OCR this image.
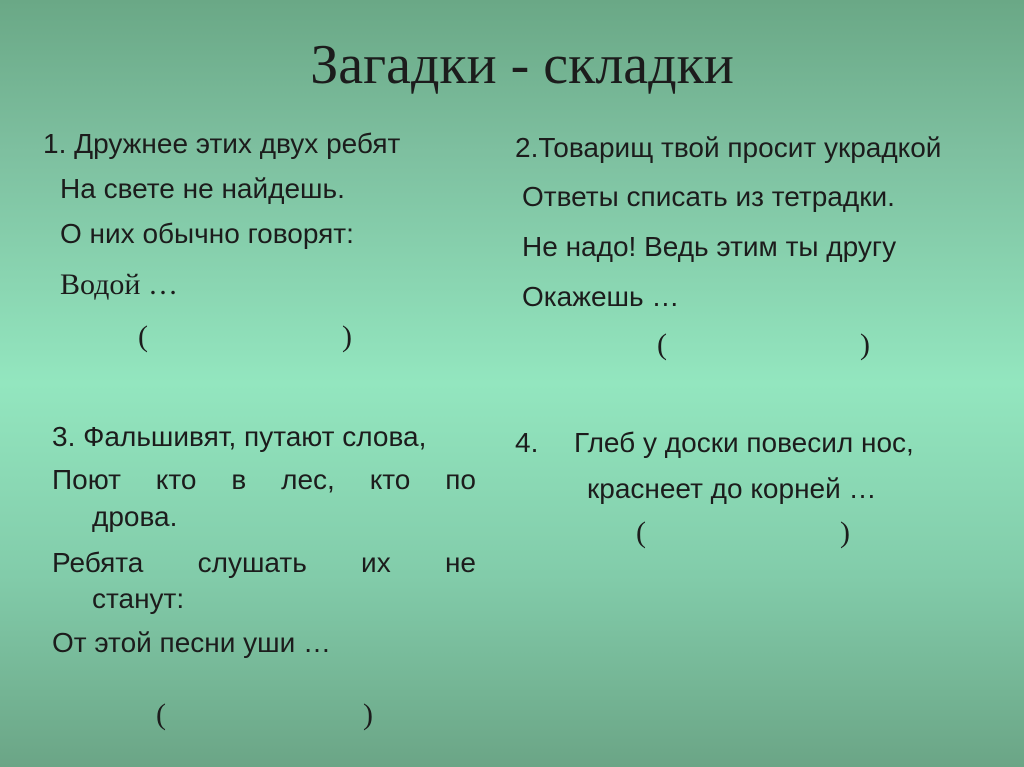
Загадки - складки
1. Дружнее этих двух ребят
На свете не найдешь.
О них обычно говорят:
Водой …
(	)
2.Товарищ твой просит украдкой
Ответы списать из тетрадки.
Не надо! Ведь этим ты другу
Окажешь …
(	)
3. Фальшивят, путают слова,
Поют кто в лес, кто по
дрова.
Ребята слушать их не
станут:
От этой песни уши …
(	)
4. Глеб у доски повесил нос,
краснеет до корней …
(	)
